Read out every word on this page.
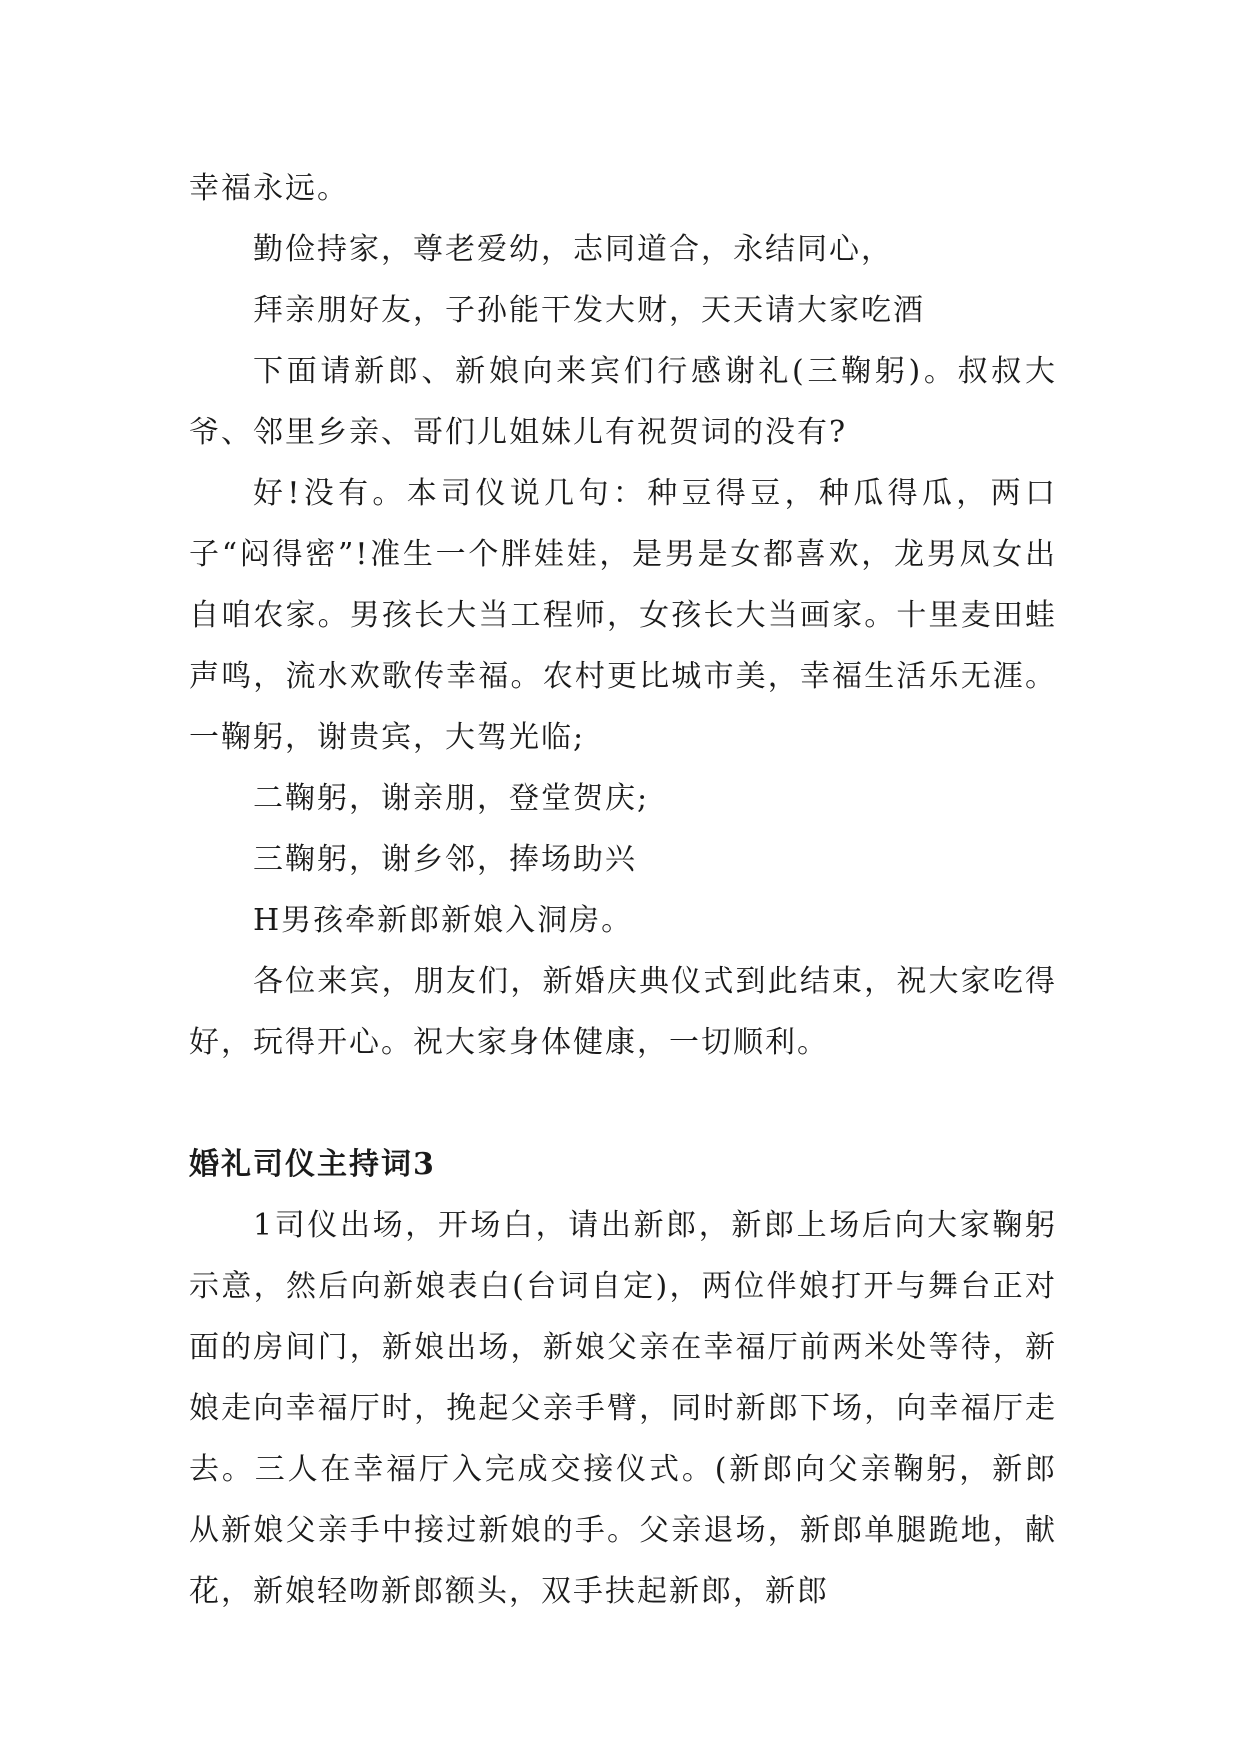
幸福永远。

勤俭持家，尊老爱幼，志同道合，永结同心，

拜亲朋好友，子孙能干发大财，天天请大家吃酒

下面请新郎、新娘向来宾们行感谢礼(三鞠躬)。叔叔大爷、邻里乡亲、哥们儿姐妹儿有祝贺词的没有?

好!没有。本司仪说几句：种豆得豆，种瓜得瓜，两口子“闷得密”!准生一个胖娃娃，是男是女都喜欢，龙男凤女出自咱农家。男孩长大当工程师，女孩长大当画家。十里麦田蛙声鸣，流水欢歌传幸福。农村更比城市美，幸福生活乐无涯。一鞠躬，谢贵宾，大驾光临;

二鞠躬，谢亲朋，登堂贺庆;

三鞠躬，谢乡邻，捧场助兴

H男孩牵新郎新娘入洞房。

各位来宾，朋友们，新婚庆典仪式到此结束，祝大家吃得好，玩得开心。祝大家身体健康，一切顺利。

婚礼司仪主持词3

1司仪出场，开场白，请出新郎，新郎上场后向大家鞠躬示意，然后向新娘表白(台词自定)，两位伴娘打开与舞台正对面的房间门，新娘出场，新娘父亲在幸福厅前两米处等待，新娘走向幸福厅时，挽起父亲手臂，同时新郎下场，向幸福厅走去。三人在幸福厅入完成交接仪式。(新郎向父亲鞠躬，新郎从新娘父亲手中接过新娘的手。父亲退场，新郎单腿跪地，献花，新娘轻吻新郎额头，双手扶起新郎，新郎
